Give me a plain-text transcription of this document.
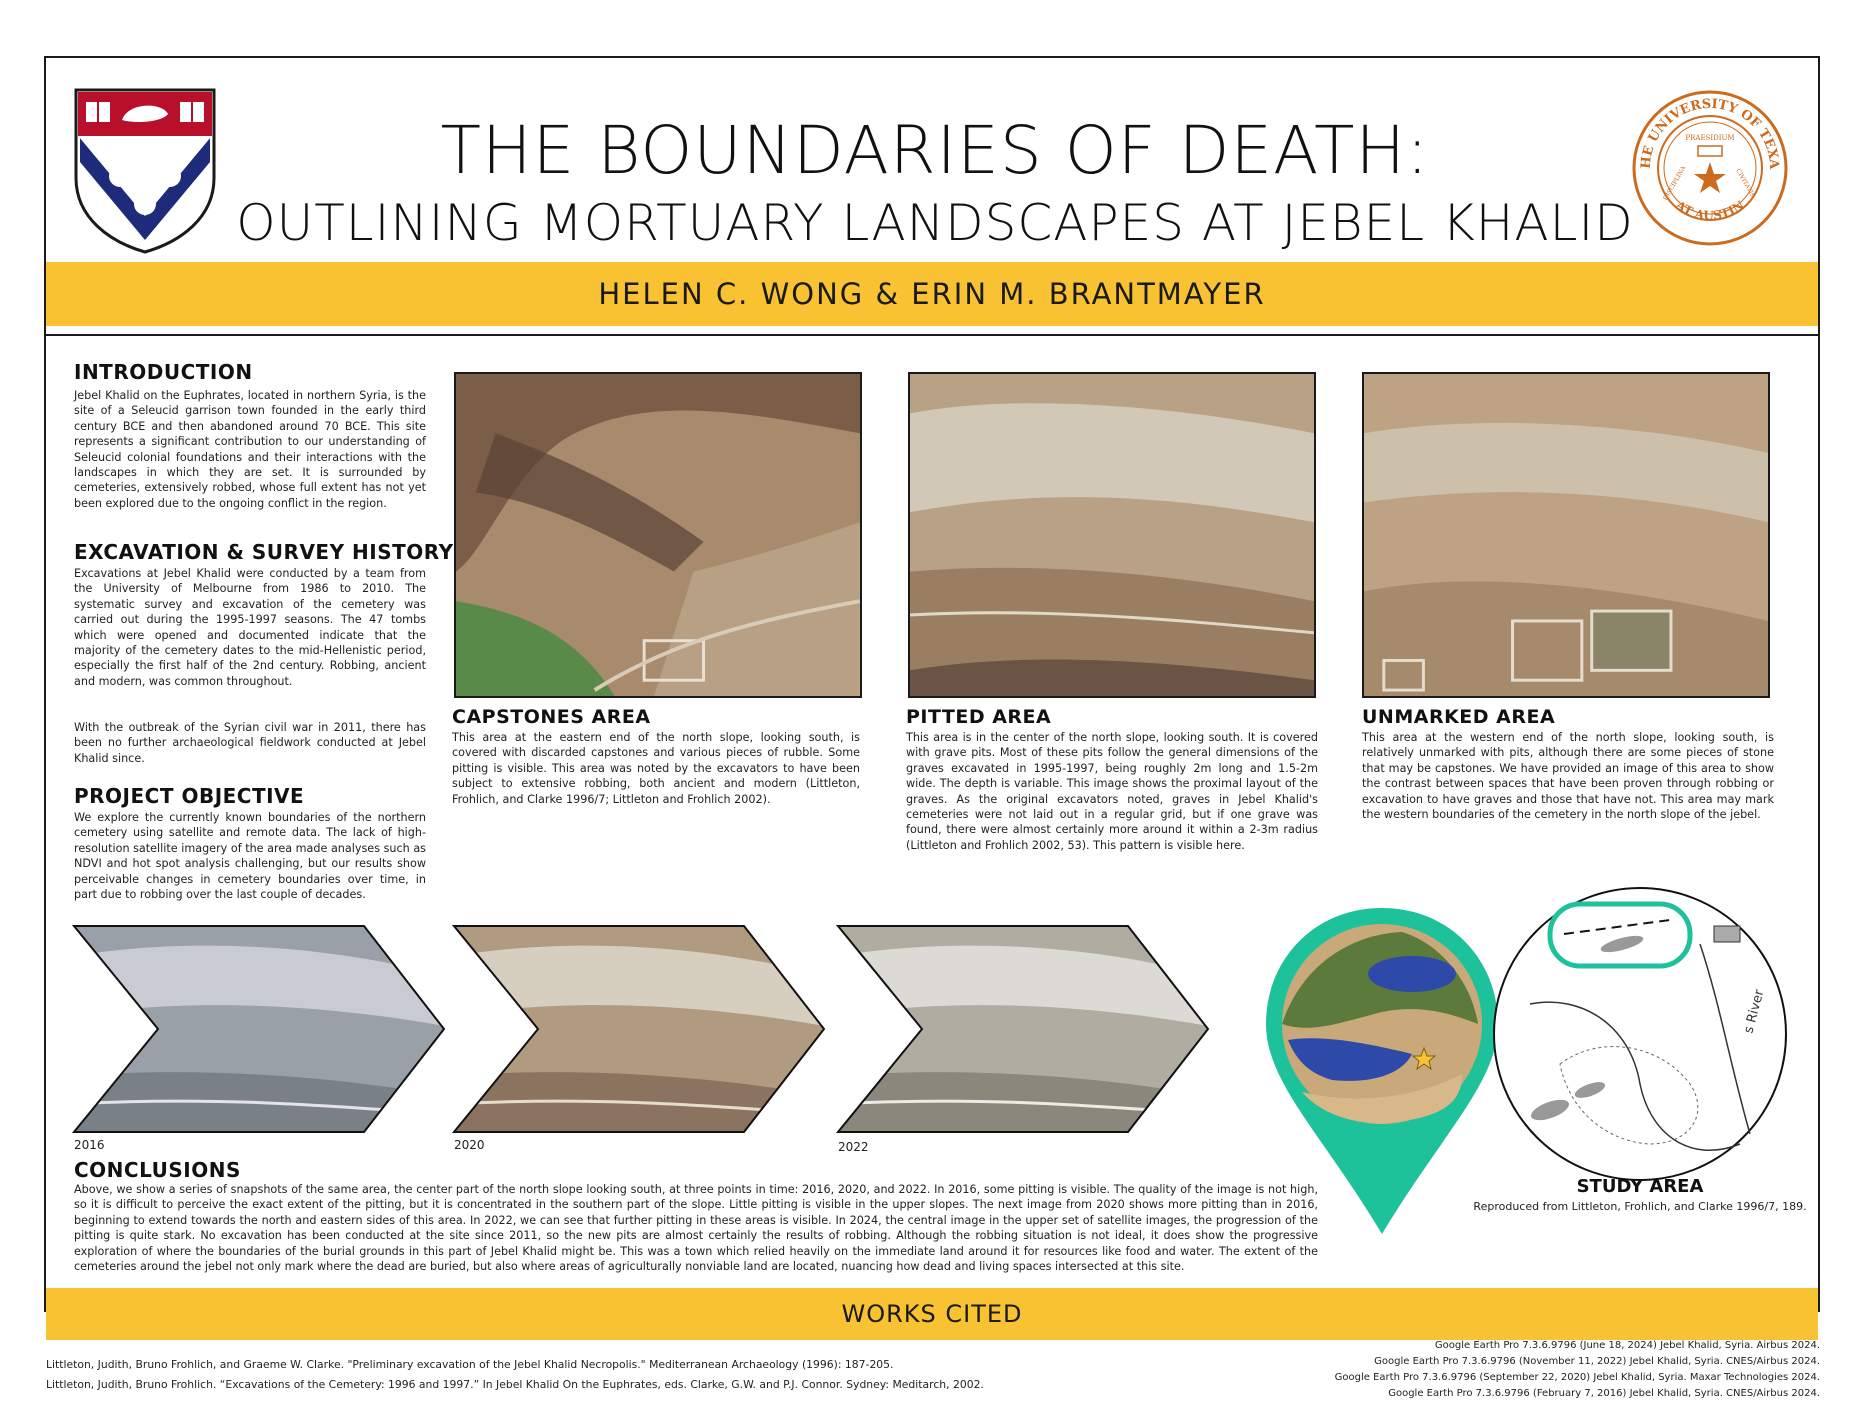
HE UNIVERSITY OF TEXA
AT AUSTIN
PRAESIDIUM
DISCIPLINA	CIVITATIS
THE BOUNDARIES OF DEATH:
OUTLINING MORTUARY LANDSCAPES AT JEBEL KHALID
HELEN C. WONG & ERIN M. BRANTMAYER
INTRODUCTION

Jebel Khalid on the Euphrates, located in northern Syria, is the site of a Seleucid garrison town founded in the early third century BCE and then abandoned around 70 BCE. This site represents a significant contribution to our understanding of Seleucid colonial foundations and their interactions with the landscapes in which they are set. It is surrounded by cemeteries, extensively robbed, whose full extent has not yet been explored due to the ongoing conflict in the region.

EXCAVATION & SURVEY HISTORY

Excavations at Jebel Khalid were conducted by a team from the University of Melbourne from 1986 to 2010. The systematic survey and excavation of the cemetery was carried out during the 1995-1997 seasons. The 47 tombs which were opened and documented indicate that the majority of the cemetery dates to the mid-Hellenistic period, especially the first half of the 2nd century. Robbing, ancient and modern, was common throughout.

With the outbreak of the Syrian civil war in 2011, there has been no further archaeological fieldwork conducted at Jebel Khalid since.

PROJECT OBJECTIVE

We explore the currently known boundaries of the northern cemetery using satellite and remote data. The lack of high-resolution satellite imagery of the area made analyses such as NDVI and hot spot analysis challenging, but our results show perceivable changes in cemetery boundaries over time, in part due to robbing over the last couple of decades.

CAPSTONES AREA

This area at the eastern end of the north slope, looking south, is covered with discarded capstones and various pieces of rubble. Some pitting is visible. This area was noted by the excavators to have been subject to extensive robbing, both ancient and modern (Littleton, Frohlich, and Clarke 1996/7; Littleton and Frohlich 2002).

PITTED AREA

This area is in the center of the north slope, looking south. It is covered with grave pits. Most of these pits follow the general dimensions of the graves excavated in 1995-1997, being roughly 2m long and 1.5-2m wide. The depth is variable. This image shows the proximal layout of the graves. As the original excavators noted, graves in Jebel Khalid's cemeteries were not laid out in a regular grid, but if one grave was found, there were almost certainly more around it within a 2-3m radius (Littleton and Frohlich 2002, 53). This pattern is visible here.

UNMARKED AREA

This area at the western end of the north slope, looking south, is relatively unmarked with pits, although there are some pieces of stone that may be capstones. We have provided an image of this area to show the contrast between spaces that have been proven through robbing or excavation to have graves and those that have not. This area may mark the western boundaries of the cemetery in the north slope of the jebel.

2016	2020	2022
s River
STUDY AREA
Reproduced from Littleton, Frohlich, and Clarke 1996/7, 189.
CONCLUSIONS

Above, we show a series of snapshots of the same area, the center part of the north slope looking south, at three points in time: 2016, 2020, and 2022. In 2016, some pitting is visible. The quality of the image is not high, so it is difficult to perceive the exact extent of the pitting, but it is concentrated in the southern part of the slope. Little pitting is visible in the upper slopes. The next image from 2020 shows more pitting than in 2016, beginning to extend towards the north and eastern sides of this area. In 2022, we can see that further pitting in these areas is visible. In 2024, the central image in the upper set of satellite images, the progression of the pitting is quite stark. No excavation has been conducted at the site since 2011, so the new pits are almost certainly the results of robbing. Although the robbing situation is not ideal, it does show the progressive exploration of where the boundaries of the burial grounds in this part of Jebel Khalid might be. This was a town which relied heavily on the immediate land around it for resources like food and water. The extent of the cemeteries around the jebel not only mark where the dead are buried, but also where areas of agriculturally nonviable land are located, nuancing how dead and living spaces intersected at this site.

WORKS CITED
Littleton, Judith, Bruno Frohlich, and Graeme W. Clarke. "Preliminary excavation of the Jebel Khalid Necropolis." Mediterranean Archaeology (1996): 187-205.
Littleton, Judith, Bruno Frohlich. “Excavations of the Cemetery: 1996 and 1997.” In Jebel Khalid On the Euphrates, eds. Clarke, G.W. and P.J. Connor. Sydney: Meditarch, 2002.
Google Earth Pro 7.3.6.9796 (June 18, 2024) Jebel Khalid, Syria. Airbus 2024.
Google Earth Pro 7.3.6.9796 (November 11, 2022) Jebel Khalid, Syria. CNES/Airbus 2024.
Google Earth Pro 7.3.6.9796 (September 22, 2020) Jebel Khalid, Syria. Maxar Technologies 2024.
Google Earth Pro 7.3.6.9796 (February 7, 2016) Jebel Khalid, Syria. CNES/Airbus 2024.
